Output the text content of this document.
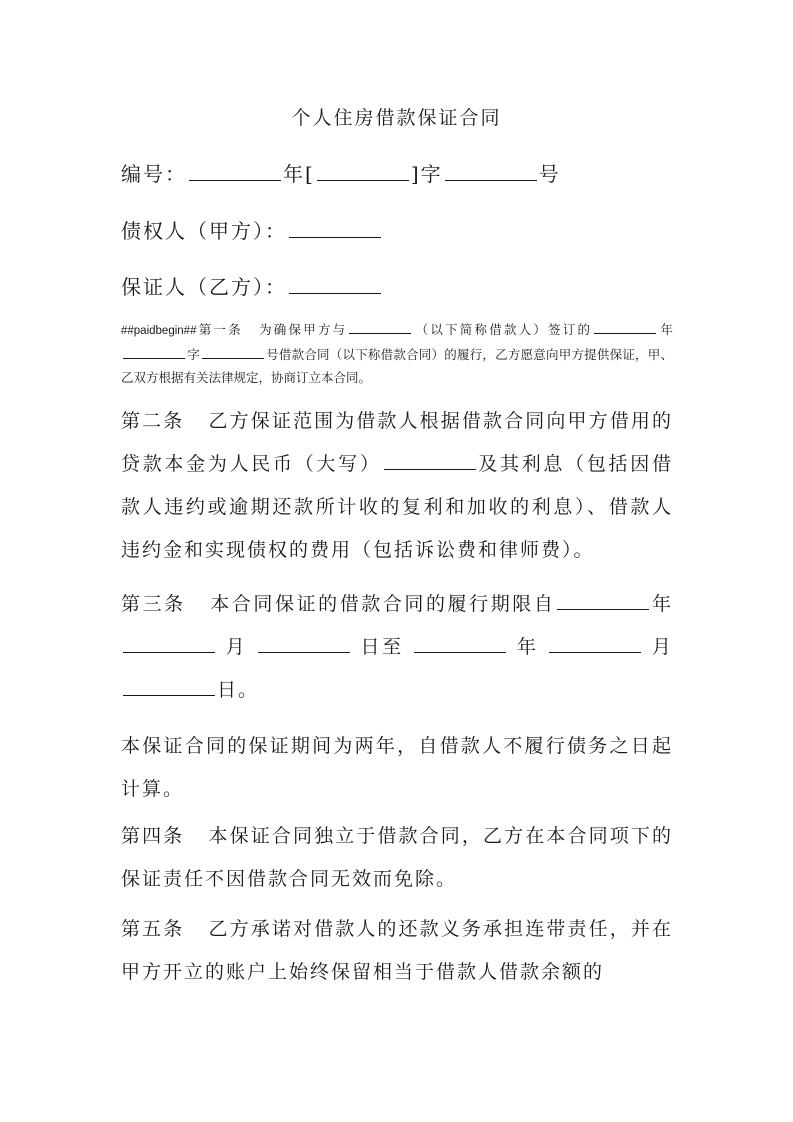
个人住房借款保证合同
编号：	年[	]字	号
债权人（甲方）：
保证人（乙方）：

##paidbegin##第一条 为确保甲方与	（以下简称借款人）签订的	年 字	号借款合同（以下称借款合同）的履行，乙方愿意向甲方提供保证，甲、乙双方根据有关法律规定，协商订立本合同。

第二条 乙方保证范围为借款人根据借款合同向甲方借用的贷款本金为人民币（大写）	及其利息（包括因借款人违约或逾期还款所计收的复利和加收的利息）、借款人违约金和实现债权的费用（包括诉讼费和律师费）。

第三条 本合同保证的借款合同的履行期限自	年  月	日至	年	月 日。

本保证合同的保证期间为两年，自借款人不履行债务之日起计算。

第四条 本保证合同独立于借款合同，乙方在本合同项下的保证责任不因借款合同无效而免除。

第五条 乙方承诺对借款人的还款义务承担连带责任，并在甲方开立的账户上始终保留相当于借款人借款余额的
